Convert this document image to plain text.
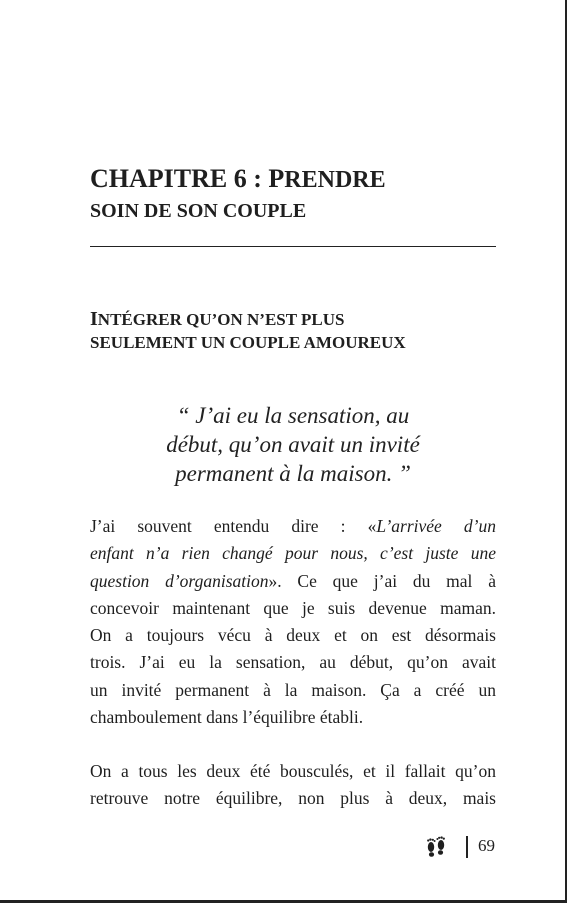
CHAPITRE 6 : PRENDRE
SOIN DE SON COUPLE
INTÉGRER QU’ON N’EST PLUS
SEULEMENT UN COUPLE AMOUREUX
“ J’ai eu la sensation, au
début, qu’on avait un invité
permanent à la maison. ”

J’ai souvent entendu dire : «L’arrivée d’un
enfant n’a rien changé pour nous, c’est juste une
question d’organisation». Ce que j’ai du mal à
concevoir maintenant que je suis devenue maman.
On a toujours vécu à deux et on est désormais
trois. J’ai eu la sensation, au début, qu’on avait
un invité permanent à la maison. Ça a créé un
chamboulement dans l’équilibre établi.

On a tous les deux été bousculés, et il fallait qu’on
retrouve notre équilibre, non plus à deux, mais

69
